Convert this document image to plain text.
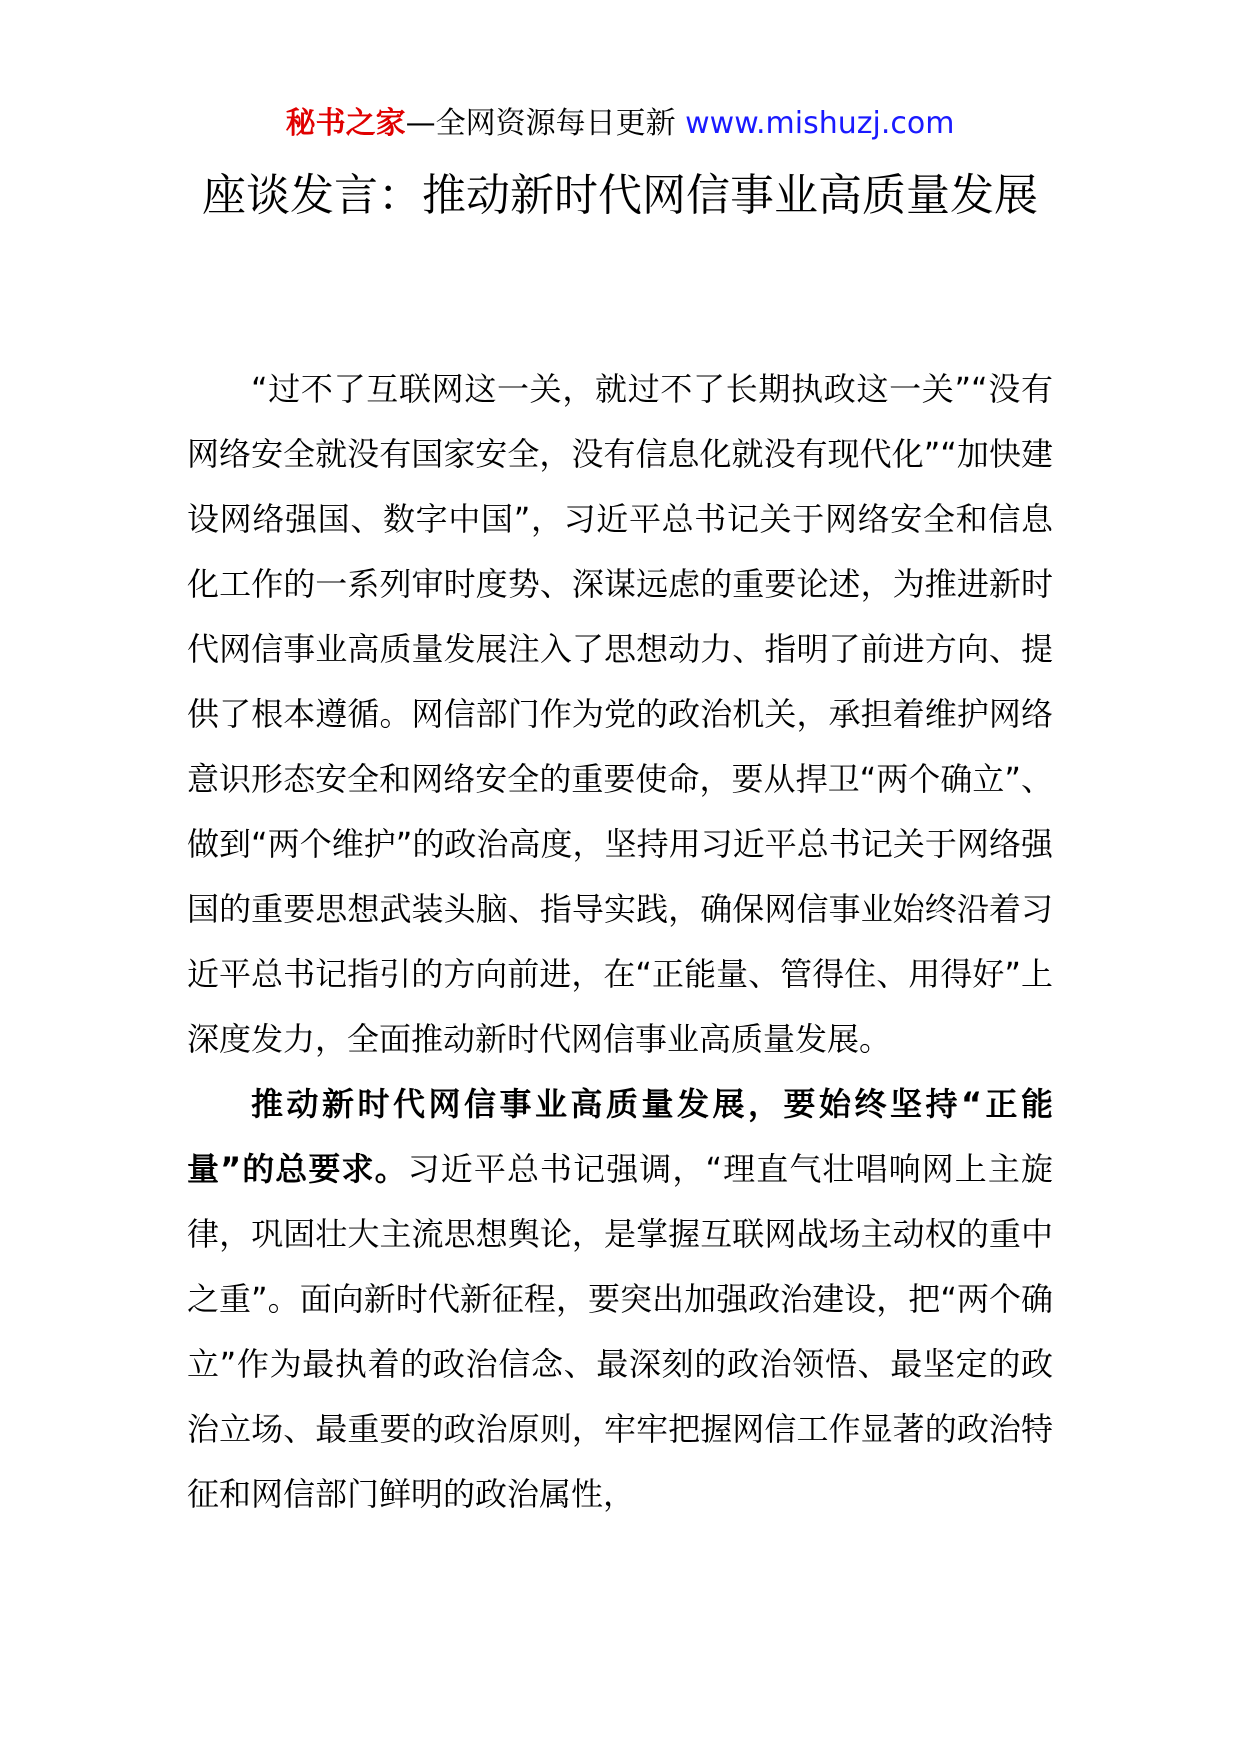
秘书之家—全网资源每日更新 www.mishuzj.com
座谈发言：推动新时代网信事业高质量发展

“过不了互联网这一关，就过不了长期执政这一关”“没有网络安全就没有国家安全，没有信息化就没有现代化”“加快建设网络强国、数字中国”，习近平总书记关于网络安全和信息化工作的一系列审时度势、深谋远虑的重要论述，为推进新时代网信事业高质量发展注入了思想动力、指明了前进方向、提供了根本遵循。网信部门作为党的政治机关，承担着维护网络意识形态安全和网络安全的重要使命，要从捍卫“两个确立”、做到“两个维护”的政治高度，坚持用习近平总书记关于网络强国的重要思想武装头脑、指导实践，确保网信事业始终沿着习近平总书记指引的方向前进，在“正能量、管得住、用得好”上深度发力，全面推动新时代网信事业高质量发展。

推动新时代网信事业高质量发展，要始终坚持“正能量”的总要求。习近平总书记强调，“理直气壮唱响网上主旋律，巩固壮大主流思想舆论，是掌握互联网战场主动权的重中之重”。面向新时代新征程，要突出加强政治建设，把“两个确立”作为最执着的政治信念、最深刻的政治领悟、最坚定的政治立场、最重要的政治原则，牢牢把握网信工作显著的政治特征和网信部门鲜明的政治属性，
